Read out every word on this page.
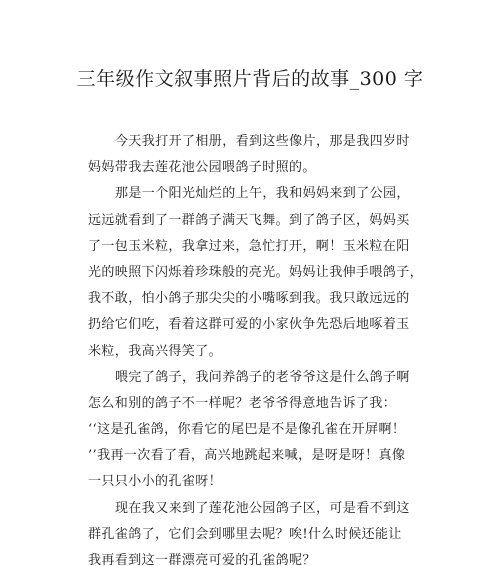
三年级作文叙事照片背后的故事_300 字
今天我打开了相册，看到这些像片，那是我四岁时
妈妈带我去莲花池公园喂鸽子时照的。
那是一个阳光灿烂的上午，我和妈妈来到了公园，
远远就看到了一群鸽子满天飞舞。到了鸽子区，妈妈买
了一包玉米粒，我拿过来，急忙打开，啊！玉米粒在阳
光的映照下闪烁着珍珠般的亮光。妈妈让我伸手喂鸽子，
我不敢，怕小鸽子那尖尖的小嘴啄到我。我只敢远远的
扔给它们吃，看着这群可爱的小家伙争先恐后地啄着玉
米粒，我高兴得笑了。
喂完了鸽子，我问养鸽子的老爷爷这是什么鸽子啊
怎么和别的鸽子不一样呢？老爷爷得意地告诉了我：
‘‘这是孔雀鸽，你看它的尾巴是不是像孔雀在开屏啊！
’’我再一次看了看，高兴地跳起来喊，是呀是呀！真像
一只只小小的孔雀呀！
现在我又来到了莲花池公园鸽子区，可是看不到这
群孔雀鸽了，它们会到哪里去呢？唉!什么时候还能让
我再看到这一群漂亮可爱的孔雀鸽呢？
